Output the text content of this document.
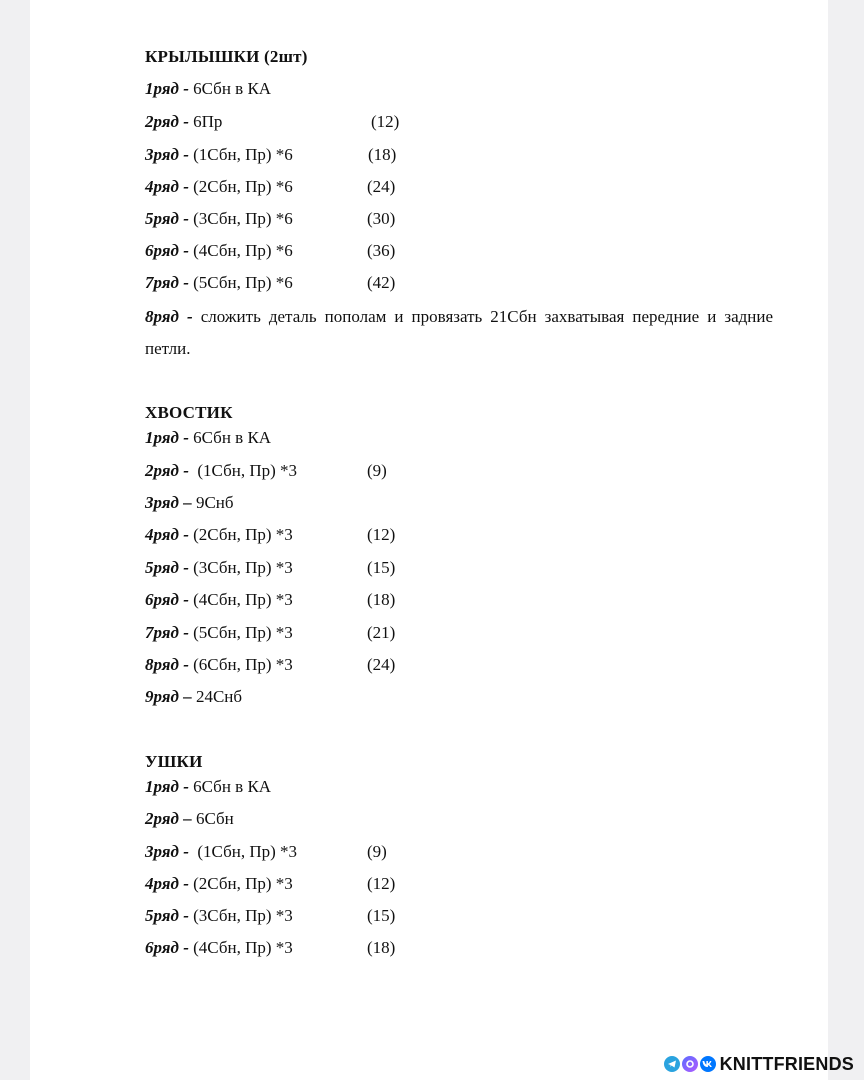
КРЫЛЫШКИ (2шт)
1ряд - 6Сбн в КА
2ряд - 6Пр	(12)
3ряд - (1Сбн, Пр) *6	(18)
4ряд - (2Сбн, Пр) *6	(24)
5ряд - (3Сбн, Пр) *6	(30)
6ряд - (4Сбн, Пр) *6	(36)
7ряд - (5Сбн, Пр) *6	(42)
8ряд - сложить деталь пополам и провязать 21Сбн захватывая передние и задние петли.
ХВОСТИК
1ряд - 6Сбн в КА
2ряд -  (1Сбн, Пр) *3	(9)
3ряд – 9Снб
4ряд - (2Сбн, Пр) *3	(12)
5ряд - (3Сбн, Пр) *3	(15)
6ряд - (4Сбн, Пр) *3	(18)
7ряд - (5Сбн, Пр) *3	(21)
8ряд - (6Сбн, Пр) *3	(24)
9ряд – 24Снб
УШКИ
1ряд - 6Сбн в КА
2ряд – 6Сбн
3ряд -  (1Сбн, Пр) *3	(9)
4ряд - (2Сбн, Пр) *3	(12)
5ряд - (3Сбн, Пр) *3	(15)
6ряд - (4Сбн, Пр) *3	(18)
KNITTFRIENDS
